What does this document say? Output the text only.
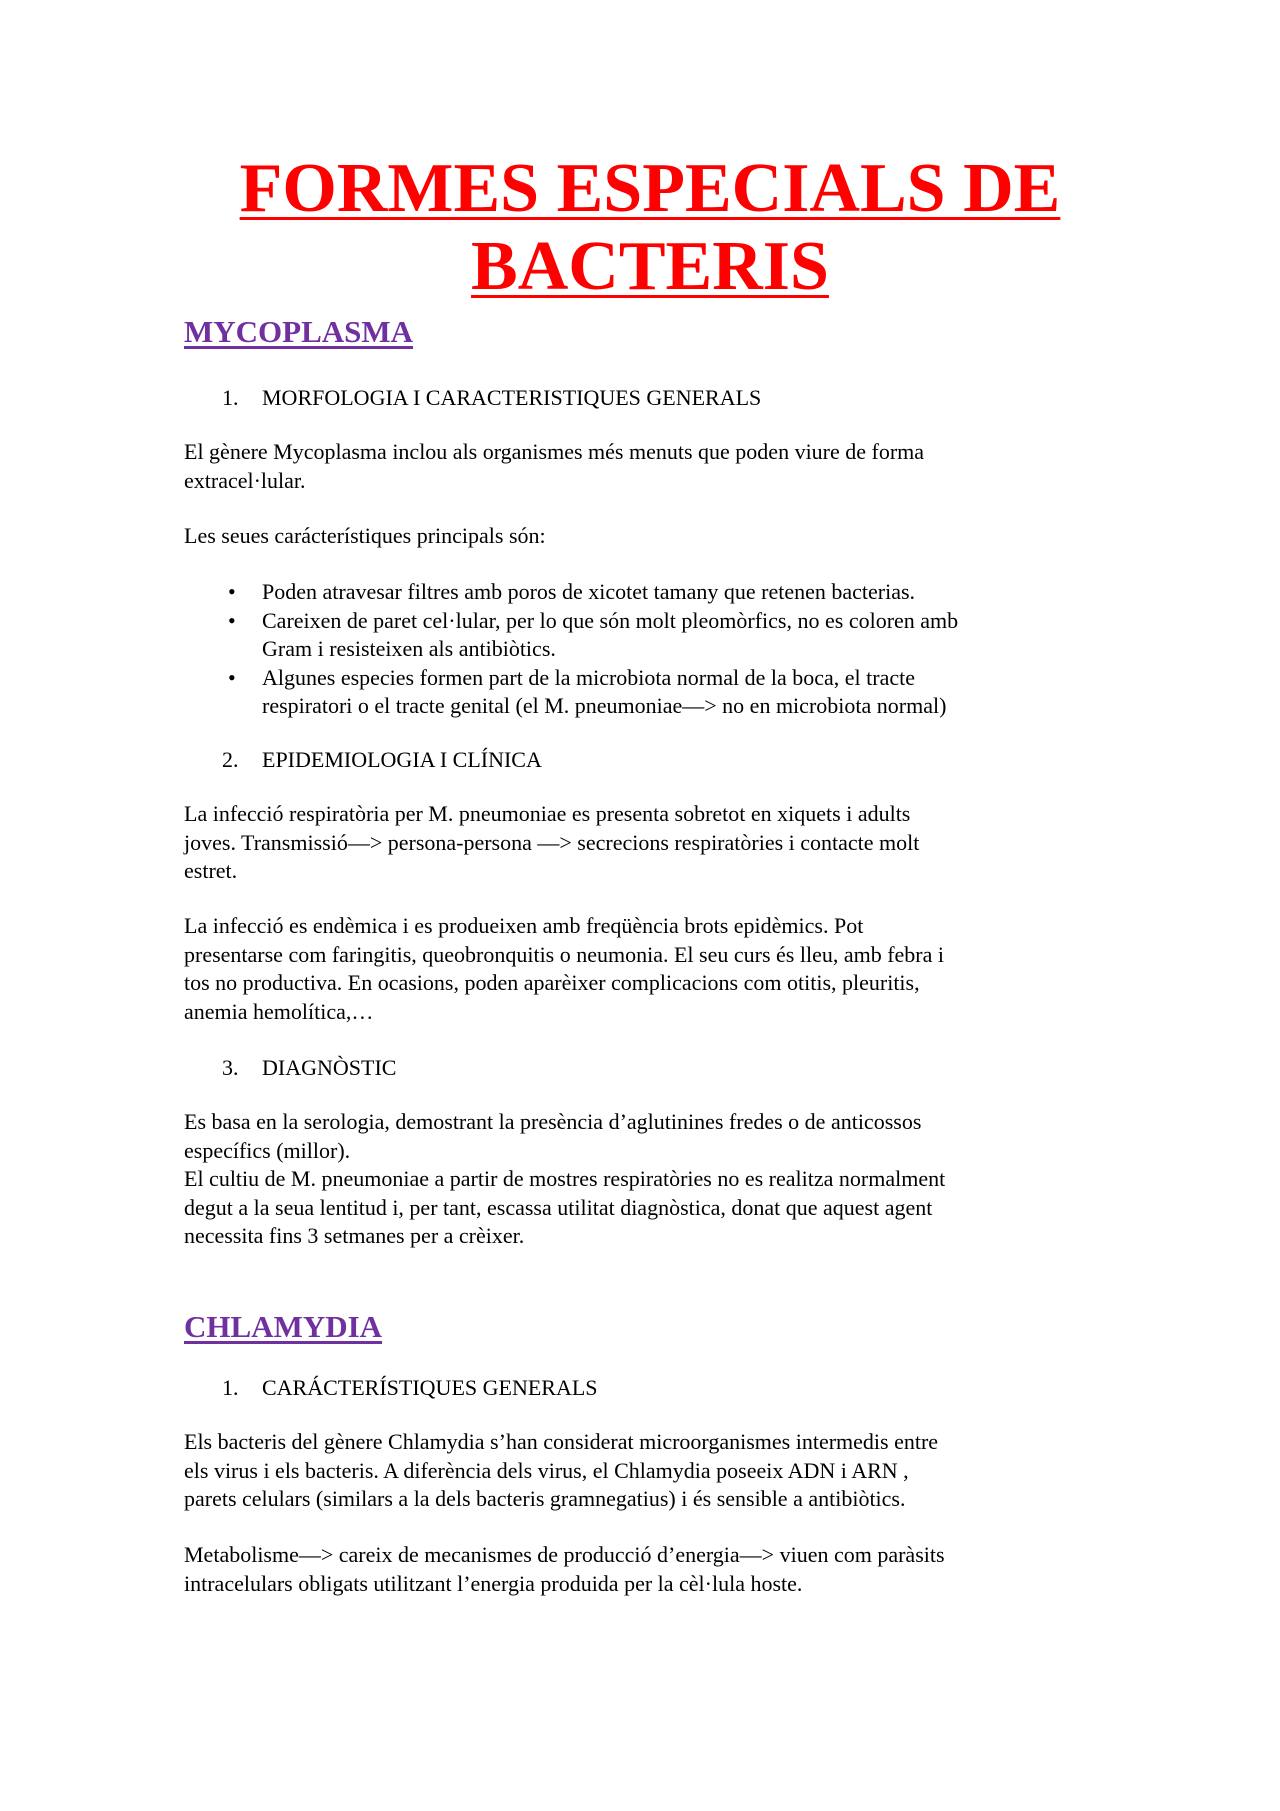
FORMES ESPECIALS DE
BACTERIS
MYCOPLASMA
1. MORFOLOGIA I CARACTERISTIQUES GENERALS

El gènere Mycoplasma inclou als organismes més menuts que poden viure de forma
extracel·lular.

Les seues carácterístiques principals són:

• Poden atravesar filtres amb poros de xicotet tamany que retenen bacterias.
• Careixen de paret cel·lular, per lo que són molt pleomòrfics, no es coloren amb
Gram i resisteixen als antibiòtics.
• Algunes especies formen part de la microbiota normal de la boca, el tracte
respiratori o el tracte genital (el M. pneumoniae—> no en microbiota normal)
2. EPIDEMIOLOGIA I CLÍNICA

La infecció respiratòria per M. pneumoniae es presenta sobretot en xiquets i adults
joves. Transmissió—> persona-persona —> secrecions respiratòries i contacte molt
estret.

La infecció es endèmica i es produeixen amb freqüència brots epidèmics. Pot
presentarse com faringitis, queobronquitis o neumonia. El seu curs és lleu, amb febra i
tos no productiva. En ocasions, poden aparèixer complicacions com otitis, pleuritis,
anemia hemolítica,…

3. DIAGNÒSTIC

Es basa en la serologia, demostrant la presència d’aglutinines fredes o de anticossos
específics (millor).
El cultiu de M. pneumoniae a partir de mostres respiratòries no es realitza normalment
degut a la seua lentitud i, per tant, escassa utilitat diagnòstica, donat que aquest agent
necessita fins 3 setmanes per a crèixer.

CHLAMYDIA
1. CARÁCTERÍSTIQUES GENERALS

Els bacteris del gènere Chlamydia s’han considerat microorganismes intermedis entre
els virus i els bacteris. A diferència dels virus, el Chlamydia poseeix ADN i ARN ,
parets celulars (similars a la dels bacteris gramnegatius) i és sensible a antibiòtics.

Metabolisme—> careix de mecanismes de producció d’energia—> viuen com paràsits
intracelulars obligats utilitzant l’energia produida per la cèl·lula hoste.
